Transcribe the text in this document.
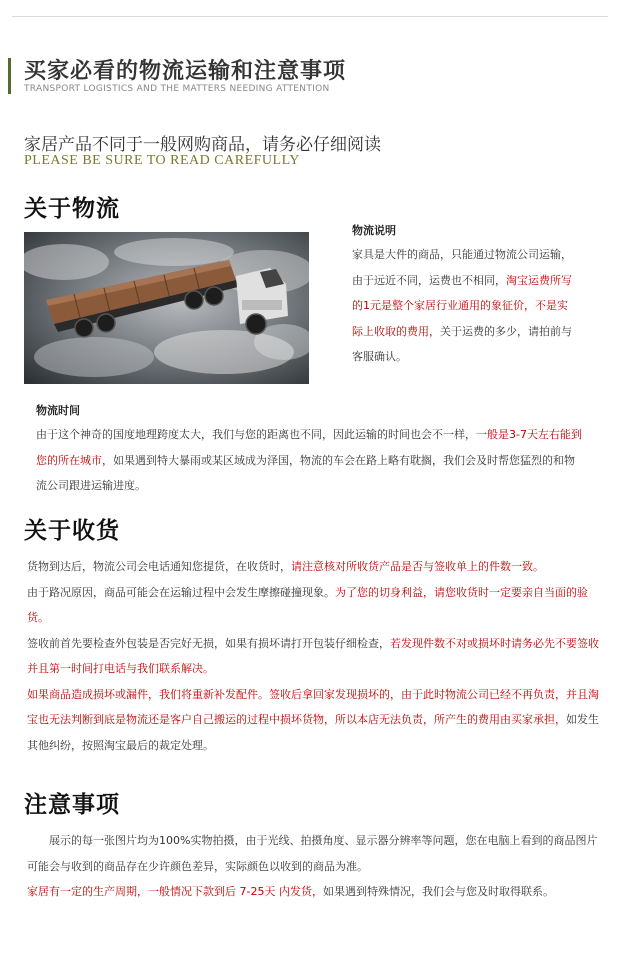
买家必看的物流运输和注意事项
TRANSPORT LOGISTICS AND THE MATTERS NEEDING ATTENTION
家居产品不同于一般网购商品，请务必仔细阅读
PLEASE BE SURE TO READ CAREFULLY
关于物流
物流说明
家具是大件的商品，只能通过物流公司运输，由于远近不同，运费也不相同，淘宝运费所写的1元是整个家居行业通用的象征价，不是实际上收取的费用，关于运费的多少，请拍前与客服确认。
物流时间
由于这个神奇的国度地理跨度太大，我们与您的距离也不同，因此运输的时间也会不一样，一般是3-7天左右能到您的所在城市，如果遇到特大暴雨或某区域成为泽国，物流的车会在路上略有耽搁，我们会及时帮您猛烈的和物流公司跟进运输进度。
关于收货
货物到达后，物流公司会电话通知您提货，在收货时，请注意核对所收货产品是否与签收单上的件数一致。
由于路况原因，商品可能会在运输过程中会发生摩擦碰撞现象。为了您的切身利益，请您收货时一定要亲自当面的验货。
签收前首先要检查外包装是否完好无损，如果有损坏请打开包装仔细检查，若发现件数不对或损坏时请务必先不要签收并且第一时间打电话与我们联系解决。
如果商品造成损坏或漏件，我们将重新补发配件。签收后拿回家发现损坏的，由于此时物流公司已经不再负责，并且淘宝也无法判断到底是物流还是客户自己搬运的过程中损坏货物，所以本店无法负责，所产生的费用由买家承担，如发生其他纠纷，按照淘宝最后的裁定处理。
注意事项
展示的每一张图片均为100%实物拍摄，由于光线、拍摄角度、显示器分辨率等问题，您在电脑上看到的商品图片可能会与收到的商品存在少许颜色差异，实际颜色以收到的商品为准。
家居有一定的生产周期，一般情况下款到后 7-25天 内发货，如果遇到特殊情况，我们会与您及时取得联系。
